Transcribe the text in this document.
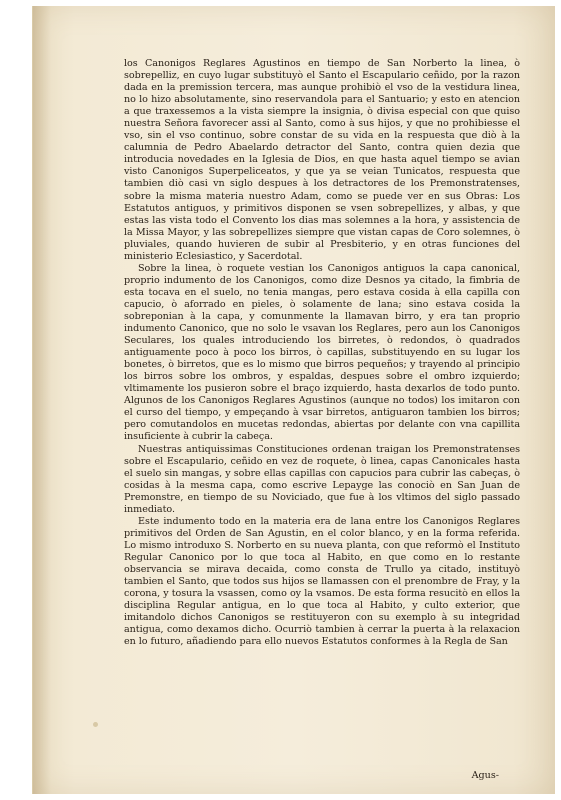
los Canonigos Reglares Agustinos en tiempo de San Norberto la linea, ò sobrepelliz, en cuyo lugar substituyò el Santo el Escapulario ceñido, por la razon dada en la premission tercera, mas aunque prohibiò el vso de la vestidura linea, no lo hizo absolutamente, sino reservandola para el Santuario; y esto en atencion a que traxessemos a la vista siempre la insignia, ò divisa especial con que quiso nuestra Señora favorecer assi al Santo, como à sus hijos, y que no prohibiesse el vso, sin el vso continuo, sobre constar de su vida en la respuesta que diò à la calumnia de Pedro Abaelardo detractor del Santo, contra quien dezia que introducia novedades en la Iglesia de Dios, en que hasta aquel tiempo se avian visto Canonigos Superpeliceatos, y que ya se veian Tunicatos, respuesta que tambien diò casi vn siglo despues à los detractores de los Premonstratenses, sobre la misma materia nuestro Adam, como se puede ver en sus Obras: Los Estatutos antiguos, y primitivos disponen se vsen sobrepellizes, y albas, y que estas las vista todo el Convento los dias mas solemnes a la hora, y assistencia de la Missa Mayor, y las sobrepellizes siempre que vistan capas de Coro solemnes, ò pluviales, quando huvieren de subir al Presbiterio, y en otras funciones del ministerio Eclesiastico, y Sacerdotal.

Sobre la linea, ò roquete vestian los Canonigos antiguos la capa canonical, proprio indumento de los Canonigos, como dize Desnos ya citado, la fimbria de esta tocava en el suelo, no tenia mangas, pero estava cosida à ella capilla con capucio, ò aforrado en pieles, ò solamente de lana; sino estava cosida la sobreponian à la capa, y comunmente la llamavan birro, y era tan proprio indumento Canonico, que no solo le vsavan los Reglares, pero aun los Canonigos Seculares, los quales introduciendo los birretes, ò redondos, ò quadrados antiguamente poco à poco los birros, ò capillas, substituyendo en su lugar los bonetes, ò birretos, que es lo mismo que birros pequeños; y trayendo al principio los birros sobre los ombros, y espaldas, despues sobre el ombro izquierdo; vltimamente los pusieron sobre el braço izquierdo, hasta dexarlos de todo punto. Algunos de los Canonigos Reglares Agustinos (aunque no todos) los imitaron con el curso del tiempo, y empeçando à vsar birretos, antiguaron tambien los birros; pero comutandolos en mucetas redondas, abiertas por delante con vna capillita insuficiente à cubrir la cabeça.

Nuestras antiquissimas Constituciones ordenan traigan los Premonstratenses sobre el Escapulario, ceñido en vez de roquete, ò linea, capas Canonicales hasta el suelo sin mangas, y sobre ellas capillas con capucios para cubrir las cabeças, ò cosidas à la mesma capa, como escrive Lepayge las conociò en San Juan de Premonstre, en tiempo de su Noviciado, que fue à los vltimos del siglo passado inmediato.

Este indumento todo en la materia era de lana entre los Canonigos Reglares primitivos del Orden de San Agustin, en el color blanco, y en la forma referida. Lo mismo introduxo S. Norberto en su nueva planta, con que reformò el Instituto Regular Canonico por lo que toca al Habito, en que como en lo restante observancia se mirava decaida, como consta de Trullo ya citado, instituyò tambien el Santo, que todos sus hijos se llamassen con el prenombre de Fray, y la corona, y tosura la vsassen, como oy la vsamos. De esta forma resucitò en ellos la disciplina Regular antigua, en lo que toca al Habito, y culto exterior, que imitandolo dichos Canonigos se restituyeron con su exemplo à su integridad antigua, como dexamos dicho. Ocurriò tambien à cerrar la puerta à la relaxacion en lo futuro, añadiendo para ello nuevos Estatutos conformes à la Regla de San

Agus-
